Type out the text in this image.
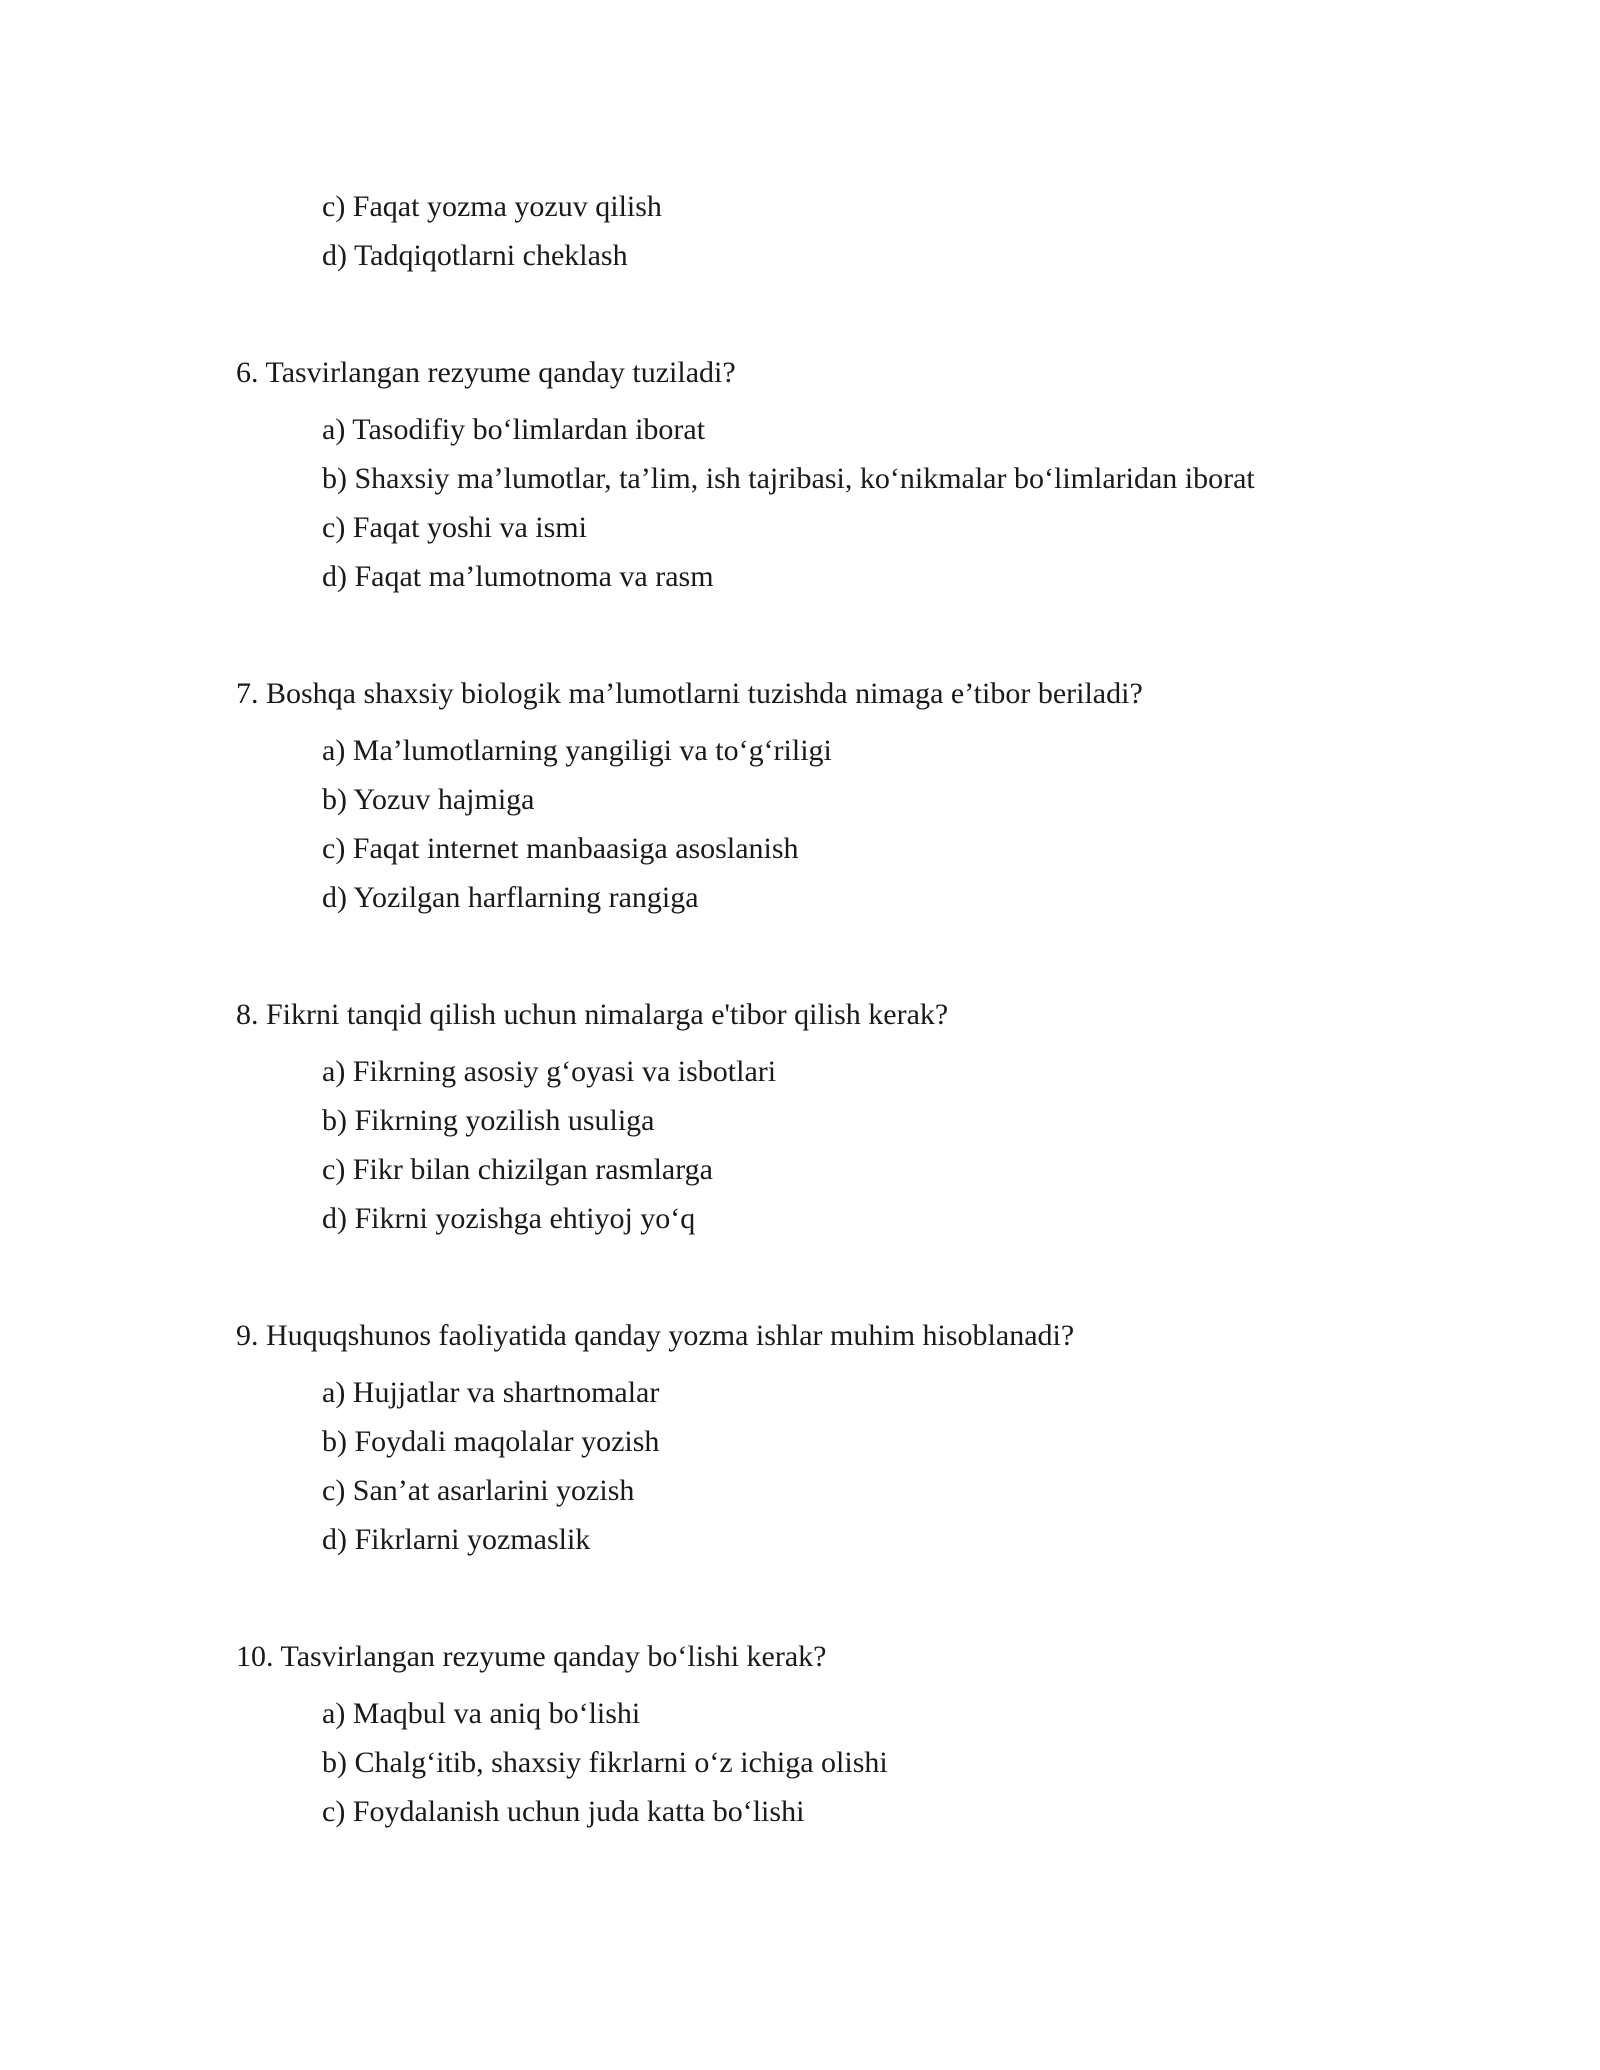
c) Faqat yozma yozuv qilish
d) Tadqiqotlarni cheklash
6. Tasvirlangan rezyume qanday tuziladi?
a) Tasodifiy bo‘limlardan iborat
b) Shaxsiy ma’lumotlar, ta’lim, ish tajribasi, ko‘nikmalar bo‘limlaridan iborat
c) Faqat yoshi va ismi
d) Faqat ma’lumotnoma va rasm
7. Boshqa shaxsiy biologik ma’lumotlarni tuzishda nimaga e’tibor beriladi?
a) Ma’lumotlarning yangiligi va to‘g‘riligi
b) Yozuv hajmiga
c) Faqat internet manbaasiga asoslanish
d) Yozilgan harflarning rangiga
8. Fikrni tanqid qilish uchun nimalarga e'tibor qilish kerak?
a) Fikrning asosiy g‘oyasi va isbotlari
b) Fikrning yozilish usuliga
c) Fikr bilan chizilgan rasmlarga
d) Fikrni yozishga ehtiyoj yo‘q
9. Huquqshunos faoliyatida qanday yozma ishlar muhim hisoblanadi?
a) Hujjatlar va shartnomalar
b) Foydali maqolalar yozish
c) San’at asarlarini yozish
d) Fikrlarni yozmaslik
10. Tasvirlangan rezyume qanday bo‘lishi kerak?
a) Maqbul va aniq bo‘lishi
b) Chalg‘itib, shaxsiy fikrlarni o‘z ichiga olishi
c) Foydalanish uchun juda katta bo‘lishi
